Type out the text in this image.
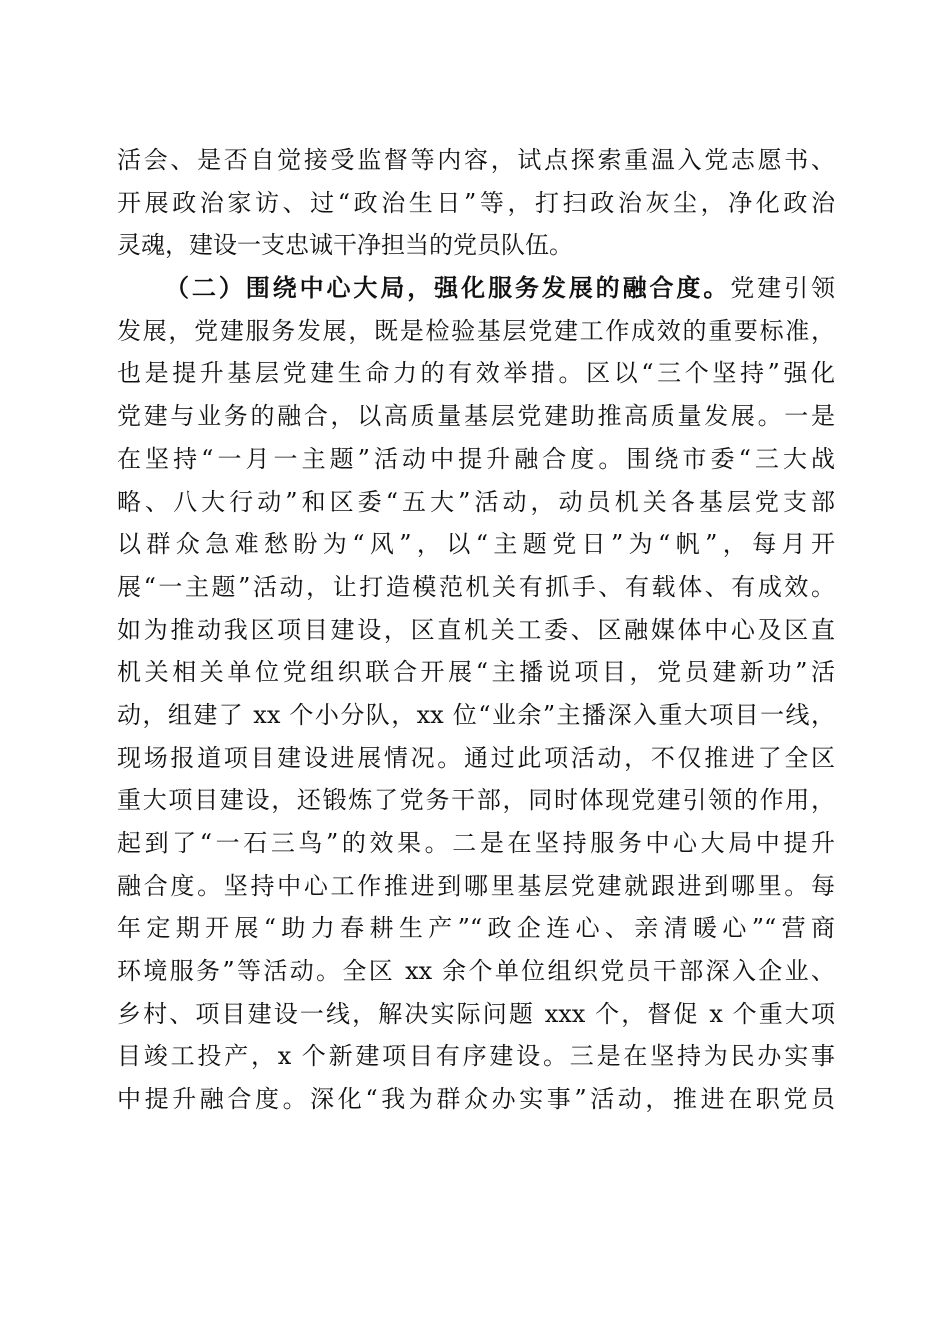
活会、是否自觉接受监督等内容，试点探索重温入党志愿书、
开展政治家访、过“政治生日”等，打扫政治灰尘，净化政治
灵魂，建设一支忠诚干净担当的党员队伍。
（二）围绕中心大局，强化服务发展的融合度。党建引领
发展，党建服务发展，既是检验基层党建工作成效的重要标准，
也是提升基层党建生命力的有效举措。区以“三个坚持”强化
党建与业务的融合，以高质量基层党建助推高质量发展。一是
在坚持“一月一主题”活动中提升融合度。围绕市委“三大战
略、八大行动”和区委“五大”活动，动员机关各基层党支部
以群众急难愁盼为“风”，以“主题党日”为“帆”，每月开
展“一主题”活动，让打造模范机关有抓手、有载体、有成效。
如为推动我区项目建设，区直机关工委、区融媒体中心及区直
机关相关单位党组织联合开展“主播说项目，党员建新功”活
动，组建了 xx 个小分队，xx 位“业余”主播深入重大项目一线，
现场报道项目建设进展情况。通过此项活动，不仅推进了全区
重大项目建设，还锻炼了党务干部，同时体现党建引领的作用，
起到了“一石三鸟”的效果。二是在坚持服务中心大局中提升
融合度。坚持中心工作推进到哪里基层党建就跟进到哪里。每
年定期开展“助力春耕生产”“政企连心、亲清暖心”“营商
环境服务”等活动。全区 xx 余个单位组织党员干部深入企业、
乡村、项目建设一线，解决实际问题 xxx 个，督促 x 个重大项
目竣工投产，x 个新建项目有序建设。三是在坚持为民办实事
中提升融合度。深化“我为群众办实事”活动，推进在职党员
